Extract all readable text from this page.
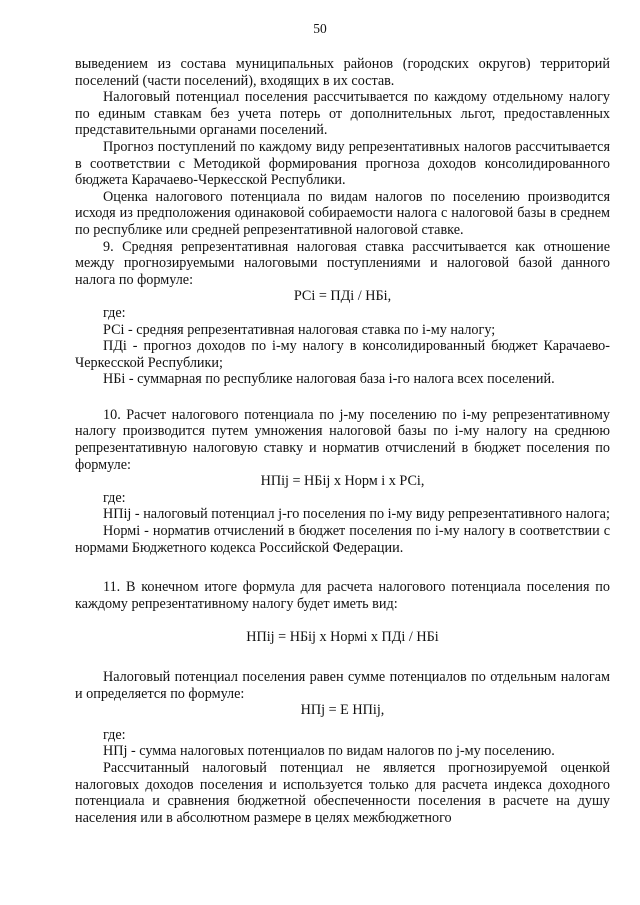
50

выведением из состава муниципальных районов (городских округов) территорий поселений (части поселений), входящих в их состав.

Налоговый потенциал поселения рассчитывается по каждому отдельному налогу по единым ставкам без учета потерь от дополнительных льгот, предоставленных представительными органами поселений.

Прогноз поступлений по каждому виду репрезентативных налогов рассчитывается в соответствии с Методикой формирования прогноза доходов консолидированного бюджета Карачаево-Черкесской Республики.

Оценка налогового потенциала по видам налогов по поселению производится исходя из предположения одинаковой собираемости налога с налоговой базы в среднем по республике или средней репрезентативной налоговой ставке.

9. Средняя репрезентативная налоговая ставка рассчитывается как отношение между прогнозируемыми налоговыми поступлениями и налоговой базой данного налога по формуле:

РСi = ПДi / НБi,

где:

РСi - средняя репрезентативная налоговая ставка по i-му налогу;

ПДi - прогноз доходов по i-му налогу в консолидированный бюджет Карачаево-Черкесской Республики;

НБi - суммарная по республике налоговая база i-го налога всех поселений.

10. Расчет налогового потенциала по j-му поселению по i-му репрезентативному налогу производится путем умножения налоговой базы по i-му налогу на среднюю репрезентативную налоговую ставку и норматив отчислений в бюджет поселения по формуле:

НПij = НБij х Норм i х РСi,

где:

НПij - налоговый потенциал j-го поселения по i-му виду репрезентативного налога;

Нормi - норматив отчислений в бюджет поселения по i-му налогу в соответствии с нормами Бюджетного кодекса Российской Федерации.

11. В конечном итоге формула для расчета налогового потенциала поселения по каждому репрезентативному налогу будет иметь вид:

НПij = НБij х Нормi х ПДi / НБi

Налоговый потенциал поселения равен сумме потенциалов по отдельным налогам и определяется по формуле:

НПj = Е НПij,

где:

НПj - сумма налоговых потенциалов по видам налогов по j-му поселению.

Рассчитанный налоговый потенциал не является прогнозируемой оценкой налоговых доходов поселения и используется только для расчета индекса доходного потенциала и сравнения бюджетной обеспеченности поселения в расчете на душу населения или в абсолютном размере в целях межбюджетного
